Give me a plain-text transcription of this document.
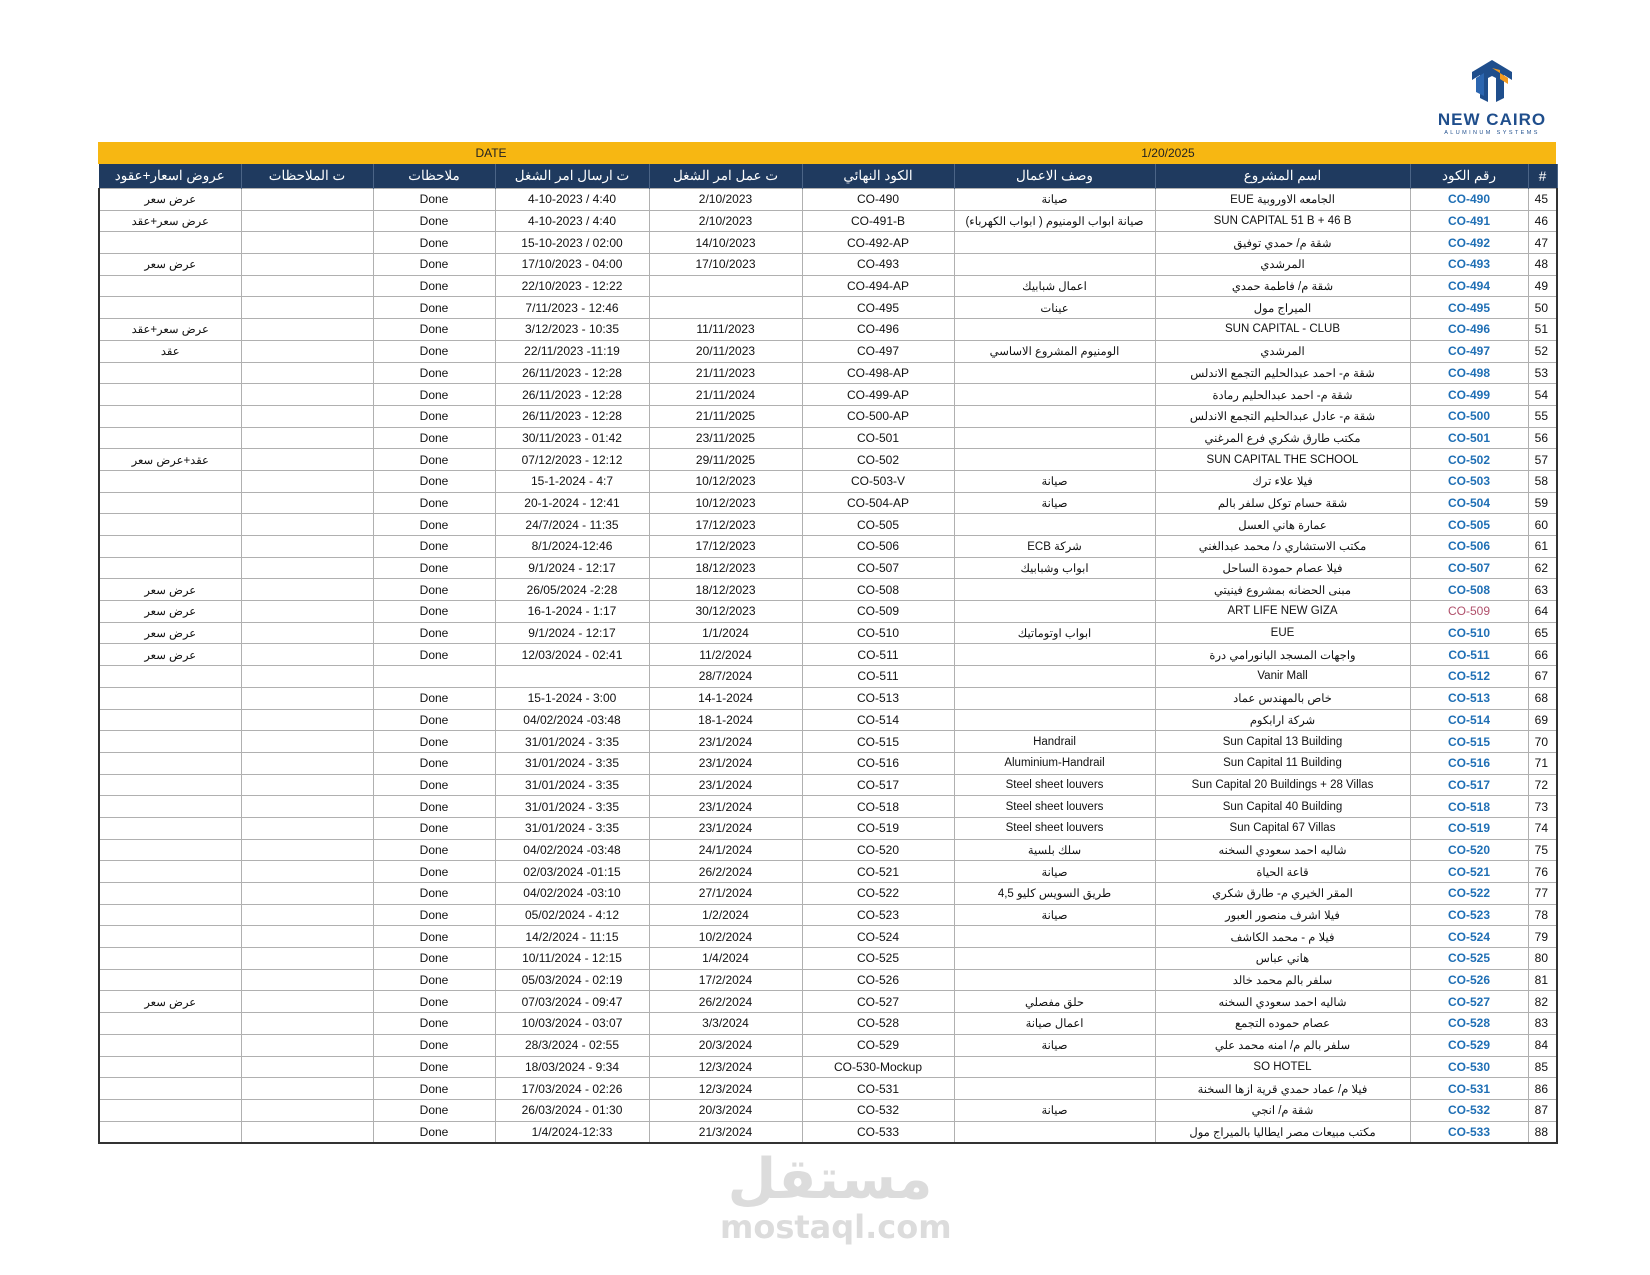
NEW CAIRO
ALUMINUM SYSTEMS
DATE	1/20/2025
عروض اسعار+عقود	ت الملاحظات	ملاحظات	ت ارسال امر الشغل	ت عمل امر الشغل	الكود النهائي	وصف الاعمال	اسم المشروع	رقم الكود	#
عرض سعر		Done	4-10-2023 / 4:40	2/10/2023	CO-490	صيانة	الجامعه الاوروبية EUE	CO-490	45
عرض سعر+عقد		Done	4-10-2023 / 4:40	2/10/2023	CO-491-B	صيانة ابواب الومنيوم ( ابواب الكهرباء)	SUN CAPITAL 51 B + 46 B	CO-491	46
		Done	15-10-2023 / 02:00	14/10/2023	CO-492-AP		شقة م/ حمدي توفيق	CO-492	47
عرض سعر		Done	17/10/2023 - 04:00	17/10/2023	CO-493		المرشدي	CO-493	48
		Done	22/10/2023 - 12:22		CO-494-AP	اعمال شبابيك	شقة م/ فاطمة حمدي	CO-494	49
		Done	7/11/2023 - 12:46		CO-495	عينات	الميراج مول	CO-495	50
عرض سعر+عقد		Done	3/12/2023 - 10:35	11/11/2023	CO-496		SUN CAPITAL - CLUB	CO-496	51
عقد		Done	22/11/2023 -11:19	20/11/2023	CO-497	الومنيوم المشروع الاساسي	المرشدي	CO-497	52
		Done	26/11/2023 - 12:28	21/11/2023	CO-498-AP		شقة م- احمد عبدالحليم التجمع الاندلس	CO-498	53
		Done	26/11/2023 - 12:28	21/11/2024	CO-499-AP		شقة م- احمد عبدالحليم رمادة	CO-499	54
		Done	26/11/2023 - 12:28	21/11/2025	CO-500-AP		شقة م- عادل عبدالحليم التجمع الاندلس	CO-500	55
		Done	30/11/2023 - 01:42	23/11/2025	CO-501		مكتب طارق شكري فرع المرغني	CO-501	56
عقد+عرض سعر		Done	07/12/2023 - 12:12	29/11/2025	CO-502		SUN CAPITAL THE SCHOOL	CO-502	57
		Done	15-1-2024 - 4:7	10/12/2023	CO-503-V	صيانة	فيلا علاء ترك	CO-503	58
		Done	20-1-2024 - 12:41	10/12/2023	CO-504-AP	صيانة	شقة حسام توكل سلفر بالم	CO-504	59
		Done	24/7/2024 - 11:35	17/12/2023	CO-505		عمارة هاني العسل	CO-505	60
		Done	8/1/2024-12:46	17/12/2023	CO-506	شركة ECB	مكتب الاستشاري د/ محمد عبدالغني	CO-506	61
		Done	9/1/2024 - 12:17	18/12/2023	CO-507	ابواب وشبابيك	فيلا عصام حمودة الساحل	CO-507	62
عرض سعر		Done	26/05/2024 -2:28	18/12/2023	CO-508		مبنى الحضانه بمشروع فينيتي	CO-508	63
عرض سعر		Done	16-1-2024 - 1:17	30/12/2023	CO-509		ART LIFE NEW GIZA	CO-509	64
عرض سعر		Done	9/1/2024 - 12:17	1/1/2024	CO-510	ابواب اوتوماتيك	EUE	CO-510	65
عرض سعر		Done	12/03/2024 - 02:41	11/2/2024	CO-511		واجهات المسجد البانورامي درة	CO-511	66
				28/7/2024	CO-511		Vanir Mall	CO-512	67
		Done	15-1-2024 - 3:00	14-1-2024	CO-513		خاص بالمهندس عماد	CO-513	68
		Done	04/02/2024 -03:48	18-1-2024	CO-514		شركة ارابكوم	CO-514	69
		Done	31/01/2024 - 3:35	23/1/2024	CO-515	Handrail	Sun Capital 13 Building	CO-515	70
		Done	31/01/2024 - 3:35	23/1/2024	CO-516	Aluminium-Handrail	Sun Capital 11 Building	CO-516	71
		Done	31/01/2024 - 3:35	23/1/2024	CO-517	Steel sheet louvers	Sun Capital 20 Buildings + 28 Villas	CO-517	72
		Done	31/01/2024 - 3:35	23/1/2024	CO-518	Steel sheet louvers	Sun Capital 40 Building	CO-518	73
		Done	31/01/2024 - 3:35	23/1/2024	CO-519	Steel sheet louvers	Sun Capital 67 Villas	CO-519	74
		Done	04/02/2024 -03:48	24/1/2024	CO-520	سلك بلسية	شاليه احمد سعودي السخنه	CO-520	75
		Done	02/03/2024 -01:15	26/2/2024	CO-521	صيانة	قاعة الحياة	CO-521	76
		Done	04/02/2024 -03:10	27/1/2024	CO-522	طريق السويس كليو 4,5	المقر الخيري م- طارق شكري	CO-522	77
		Done	05/02/2024 - 4:12	1/2/2024	CO-523	صيانة	فيلا اشرف منصور العبور	CO-523	78
		Done	14/2/2024 - 11:15	10/2/2024	CO-524		فيلا م - محمد الكاشف	CO-524	79
		Done	10/11/2024 - 12:15	1/4/2024	CO-525		هاني عباس	CO-525	80
		Done	05/03/2024 - 02:19	17/2/2024	CO-526		سلفر بالم محمد خالد	CO-526	81
عرض سعر		Done	07/03/2024 - 09:47	26/2/2024	CO-527	حلق مفصلي	شاليه احمد سعودي السخنه	CO-527	82
		Done	10/03/2024 - 03:07	3/3/2024	CO-528	اعمال صيانة	عصام حموده التجمع	CO-528	83
		Done	28/3/2024 - 02:55	20/3/2024	CO-529	صيانة	سلفر بالم م/ امنه محمد علي	CO-529	84
		Done	18/03/2024 - 9:34	12/3/2024	CO-530-Mockup		SO HOTEL	CO-530	85
		Done	17/03/2024 - 02:26	12/3/2024	CO-531		فيلا م/ عماد حمدي قرية ازها السخنة	CO-531	86
		Done	26/03/2024 - 01:30	20/3/2024	CO-532	صيانة	شقة م/ انجي	CO-532	87
		Done	1/4/2024-12:33	21/3/2024	CO-533		مكتب مبيعات مصر ايطاليا بالميراج مول	CO-533	88
مستقل
mostaql.com
